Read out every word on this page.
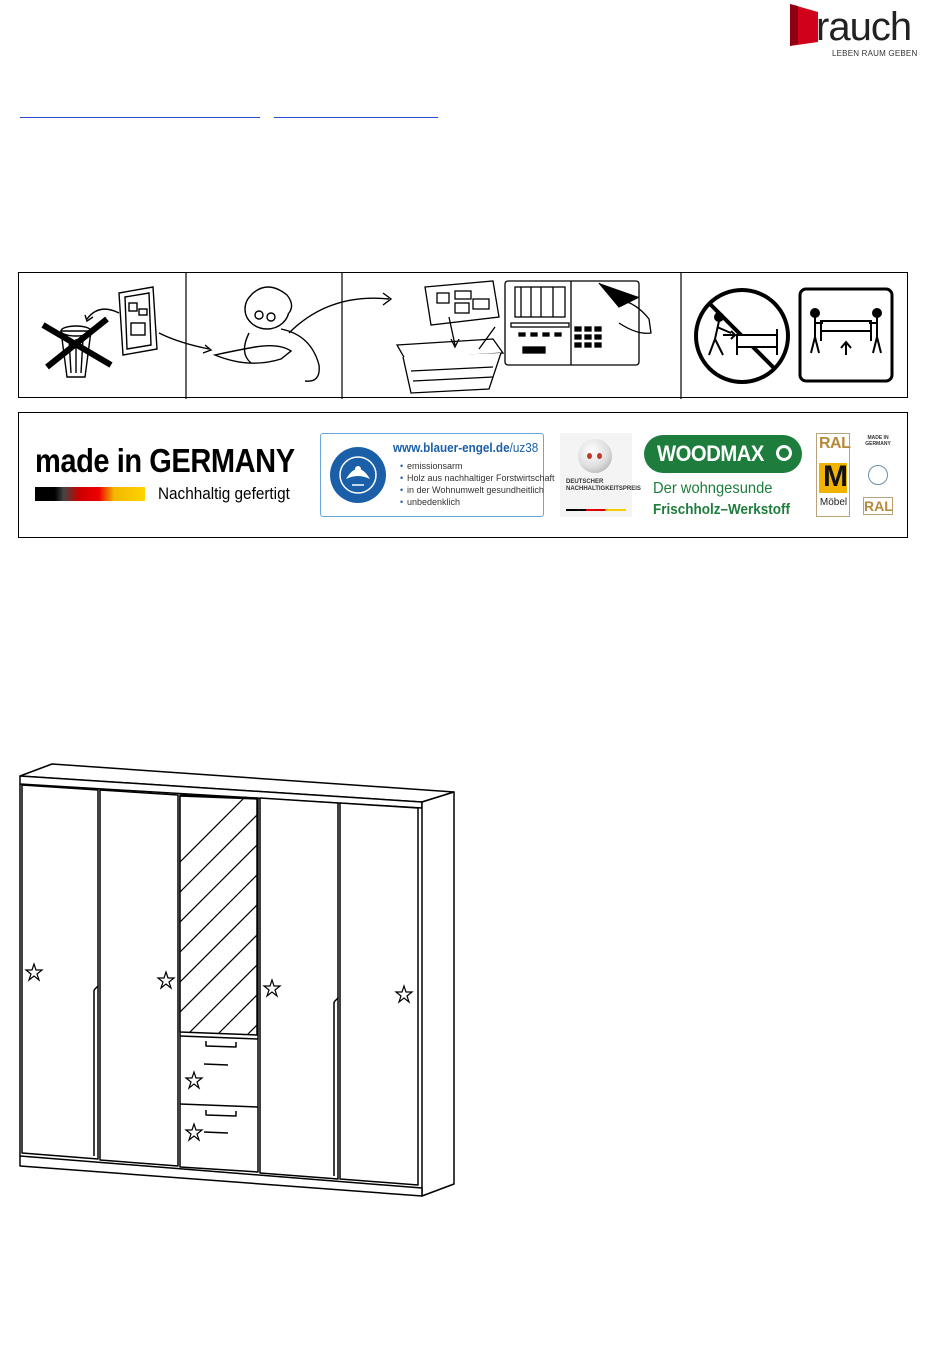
rauch
LEBEN RAUM GEBEN
made in GERMANY
Nachhaltig gefertigt
www.blauer-engel.de/uz38
• emissionsarm
• Holz aus nachhaltiger Forstwirtschaft
• in der Wohnumwelt gesundheitlich
• unbedenklich
DEUTSCHER NACHHALTIGKEITSPREIS
WOODMAX
Der wohngesunde
Frischholz–Werkstoff
RAL
M
Möbel
MADE IN GERMANY
RAL
